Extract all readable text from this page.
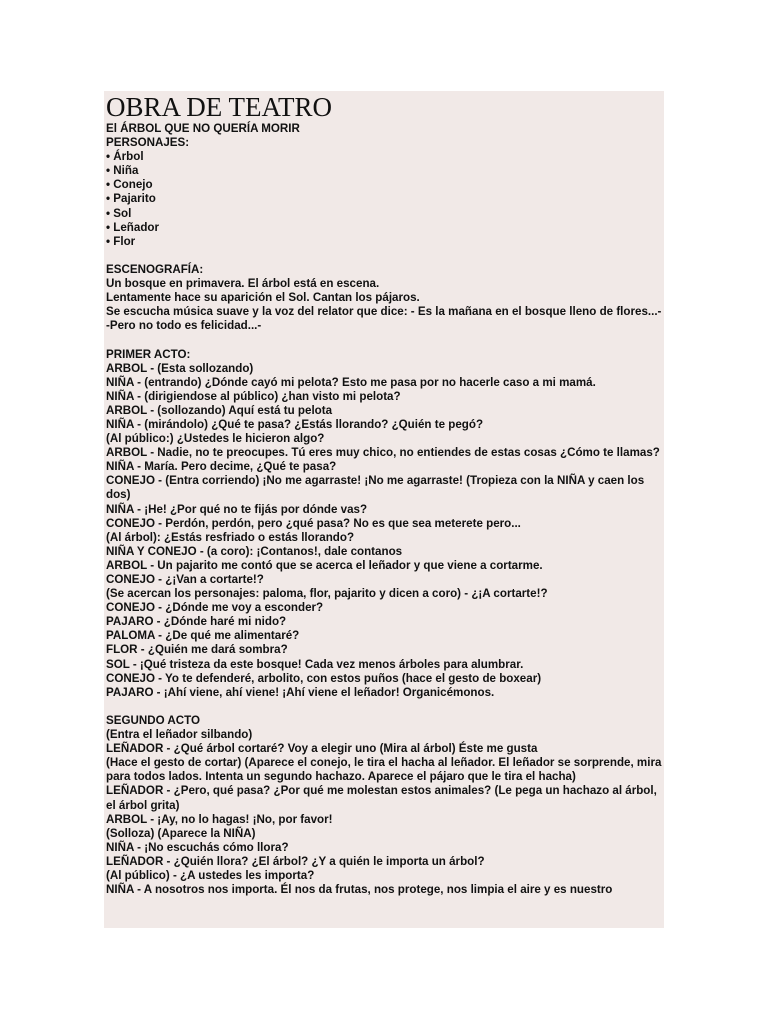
OBRA DE TEATRO
El ÁRBOL QUE NO QUERÍA MORIR
PERSONAJES:
• Árbol
• Niña
• Conejo
• Pajarito
• Sol
• Leñador
• Flor
ESCENOGRAFÍA:
Un bosque en primavera. El árbol está en escena.
Lentamente hace su aparición el Sol. Cantan los pájaros.
Se escucha música suave y la voz del relator que dice: - Es la mañana en el bosque lleno de flores...-
-Pero no todo es felicidad...-
PRIMER ACTO:
ARBOL - (Esta sollozando)
NIÑA - (entrando) ¿Dónde cayó mi pelota? Esto me pasa por no hacerle caso a mi mamá.
NIÑA - (dirigiendose al público) ¿han visto mi pelota?
ARBOL - (sollozando) Aquí está tu pelota
NIÑA - (mirándolo) ¿Qué te pasa? ¿Estás llorando? ¿Quién te pegó?
(Al público:) ¿Ustedes le hicieron algo?
ARBOL - Nadie, no te preocupes. Tú eres muy chico, no entiendes de estas cosas ¿Cómo te llamas?
NIÑA - María. Pero decime, ¿Qué te pasa?
CONEJO - (Entra corriendo) ¡No me agarraste! ¡No me agarraste! (Tropieza con la NIÑA y caen los dos)
NIÑA - ¡He! ¿Por qué no te fijás por dónde vas?
CONEJO - Perdón, perdón, pero ¿qué pasa? No es que sea meterete pero...
(Al árbol): ¿Estás resfriado o estás llorando?
NIÑA Y CONEJO - (a coro): ¡Contanos!, dale contanos
ARBOL - Un pajarito me contó que se acerca el leñador y que viene a cortarme.
CONEJO - ¿¡Van a cortarte!?
(Se acercan los personajes: paloma, flor, pajarito y dicen a coro) - ¿¡A cortarte!?
CONEJO - ¿Dónde me voy a esconder?
PAJARO - ¿Dónde haré mi nido?
PALOMA - ¿De qué me alimentaré?
FLOR - ¿Quién me dará sombra?
SOL - ¡Qué tristeza da este bosque! Cada vez menos árboles para alumbrar.
CONEJO - Yo te defenderé, arbolito, con estos puños (hace el gesto de boxear)
PAJARO - ¡Ahí viene, ahí viene! ¡Ahí viene el leñador! Organicémonos.
SEGUNDO ACTO
(Entra el leñador silbando)
LEÑADOR - ¿Qué árbol cortaré? Voy a elegir uno (Mira al árbol) Éste me gusta
(Hace el gesto de cortar) (Aparece el conejo, le tira el hacha al leñador. El leñador se sorprende, mira para todos lados. Intenta un segundo hachazo. Aparece el pájaro que le tira el hacha)
LEÑADOR - ¿Pero, qué pasa? ¿Por qué me molestan estos animales? (Le pega un hachazo al árbol, el árbol grita)
ARBOL - ¡Ay, no lo hagas! ¡No, por favor!
(Solloza) (Aparece la NIÑA)
NIÑA - ¡No escuchás cómo llora?
LEÑADOR - ¿Quién llora? ¿El árbol? ¿Y a quién le importa un árbol?
(Al público) - ¿A ustedes les importa?
NIÑA - A nosotros nos importa. Él nos da frutas, nos protege, nos limpia el aire y es nuestro
